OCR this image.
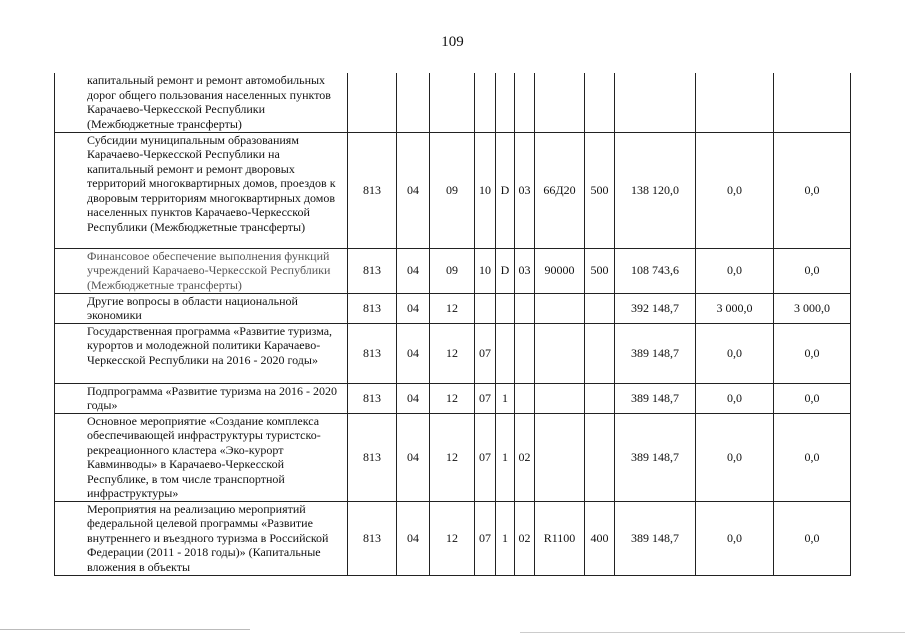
109
капитальный ремонт и ремонт автомобильных дорог общего пользования населенных пунктов Карачаево-Черкесской Республики (Межбюджетные трансферты)											
Субсидии муниципальным образованиям Карачаево-Черкесской Республики на капитальный ремонт и ремонт дворовых территорий многоквартирных домов, проездов к дворовым территориям многоквартирных домов населенных пунктов Карачаево-Черкесской Республики (Межбюджетные трансферты)	813	04	09	10	D	03	66Д20	500	138 120,0	0,0	0,0
Финансовое обеспечение выполнения функций учреждений Карачаево-Черкесской Республики (Межбюджетные трансферты)	813	04	09	10	D	03	90000	500	108 743,6	0,0	0,0
Другие вопросы в области национальной экономики	813	04	12						392 148,7	3 000,0	3 000,0
Государственная программа «Развитие туризма, курортов и молодежной политики Карачаево-Черкесской Республики на 2016 - 2020 годы»	813	04	12	07					389 148,7	0,0	0,0
Подпрограмма «Развитие туризма на 2016 - 2020 годы»	813	04	12	07	1				389 148,7	0,0	0,0
Основное мероприятие «Создание комплекса обеспечивающей инфраструктуры туристско-рекреационного кластера «Эко-курорт Кавминводы» в Карачаево-Черкесской Республике, в том числе транспортной инфраструктуры»	813	04	12	07	1	02			389 148,7	0,0	0,0
Мероприятия на реализацию мероприятий федеральной целевой программы «Развитие внутреннего и въездного туризма в Российской Федерации (2011 - 2018 годы)» (Капитальные вложения в объекты	813	04	12	07	1	02	R1100	400	389 148,7	0,0	0,0
